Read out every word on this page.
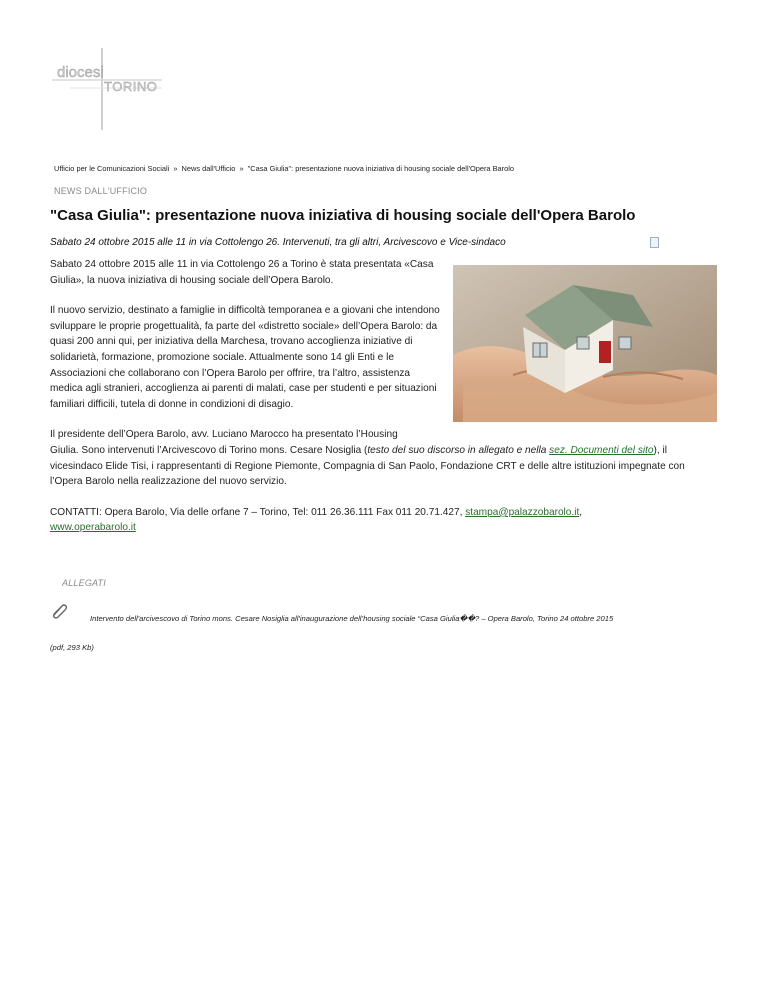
diocesi
TORINO
Ufficio per le Comunicazioni Sociali » News dall'Ufficio » "Casa Giulia": presentazione nuova iniziativa di housing sociale dell'Opera Barolo
NEWS DALL'UFFICIO
"Casa Giulia": presentazione nuova iniziativa di housing sociale dell'Opera Barolo
Sabato 24 ottobre 2015 alle 11 in via Cottolengo 26. Intervenuti, tra gli altri, Arcivescovo e Vice-sindaco

Sabato 24 ottobre 2015 alle 11 in via Cottolengo 26 a Torino è stata presentata «Casa Giulia», la nuova iniziativa di housing sociale dell’Opera Barolo.

Il nuovo servizio, destinato a famiglie in difficoltà temporanea e a giovani che intendono sviluppare le proprie progettualità, fa parte del «distretto sociale» dell’Opera Barolo: da quasi 200 anni qui, per iniziativa della Marchesa, trovano accoglienza iniziative di solidarietà, formazione, promozione sociale. Attualmente sono 14 gli Enti e le Associazioni che collaborano con l’Opera Barolo per offrire, tra l’altro, assistenza medica agli stranieri, accoglienza ai parenti di malati, case per studenti e per situazioni familiari difficili, tutela di donne in condizioni di disagio.

Il presidente dell’Opera Barolo, avv. Luciano Marocco ha presentato l’Housing
Giulia. Sono intervenuti l’Arcivescovo di Torino mons. Cesare Nosiglia (testo del suo discorso in allegato e nella sez. Documenti del sito), il vicesindaco Elide Tisi, i rappresentanti di Regione Piemonte, Compagnia di San Paolo, Fondazione CRT e delle altre istituzioni impegnate con l’Opera Barolo nella realizzazione del nuovo servizio.

CONTATTI: Opera Barolo, Via delle orfane 7 – Torino, Tel: 011 26.36.111 Fax 011 20.71.427, stampa@palazzobarolo.it,
www.operabarolo.it

ALLEGATI
Intervento dell'arcivescovo di Torino mons. Cesare Nosiglia all'inaugurazione dell’housing sociale “Casa Giulia��? – Opera Barolo, Torino 24 ottobre 2015
(pdf, 293 Kb)
